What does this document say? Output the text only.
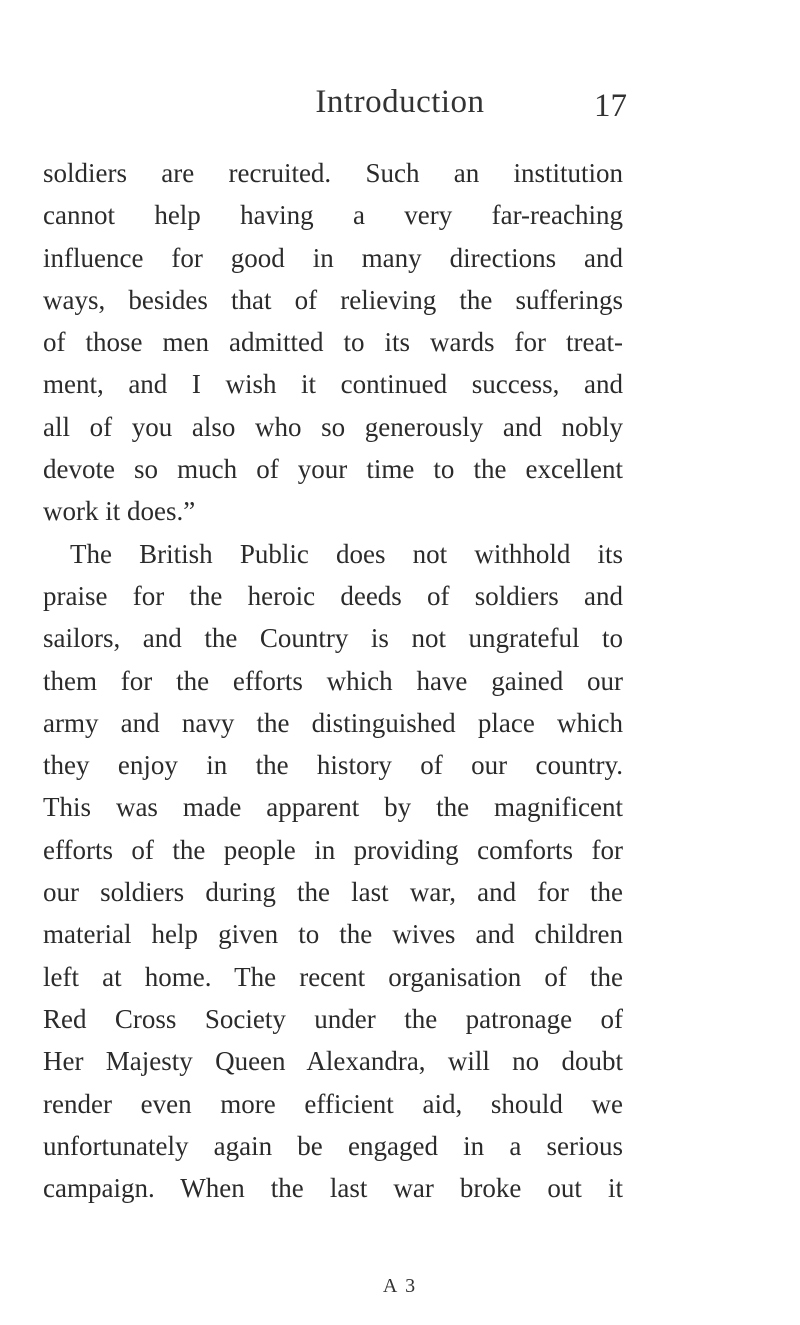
Introduction	17
soldiers are recruited. Such an institution
cannot help having a very far-reaching
influence for good in many directions and
ways, besides that of relieving the sufferings
of those men admitted to its wards for treat-
ment, and I wish it continued success, and
all of you also who so generously and nobly
devote so much of your time to the excellent
work it does.”
The British Public does not withhold its
praise for the heroic deeds of soldiers and
sailors, and the Country is not ungrateful to
them for the efforts which have gained our
army and navy the distinguished place which
they enjoy in the history of our country.
This was made apparent by the magnificent
efforts of the people in providing comforts for
our soldiers during the last war, and for the
material help given to the wives and children
left at home. The recent organisation of the
Red Cross Society under the patronage of
Her Majesty Queen Alexandra, will no doubt
render even more efficient aid, should we
unfortunately again be engaged in a serious
campaign. When the last war broke out it
A 3
